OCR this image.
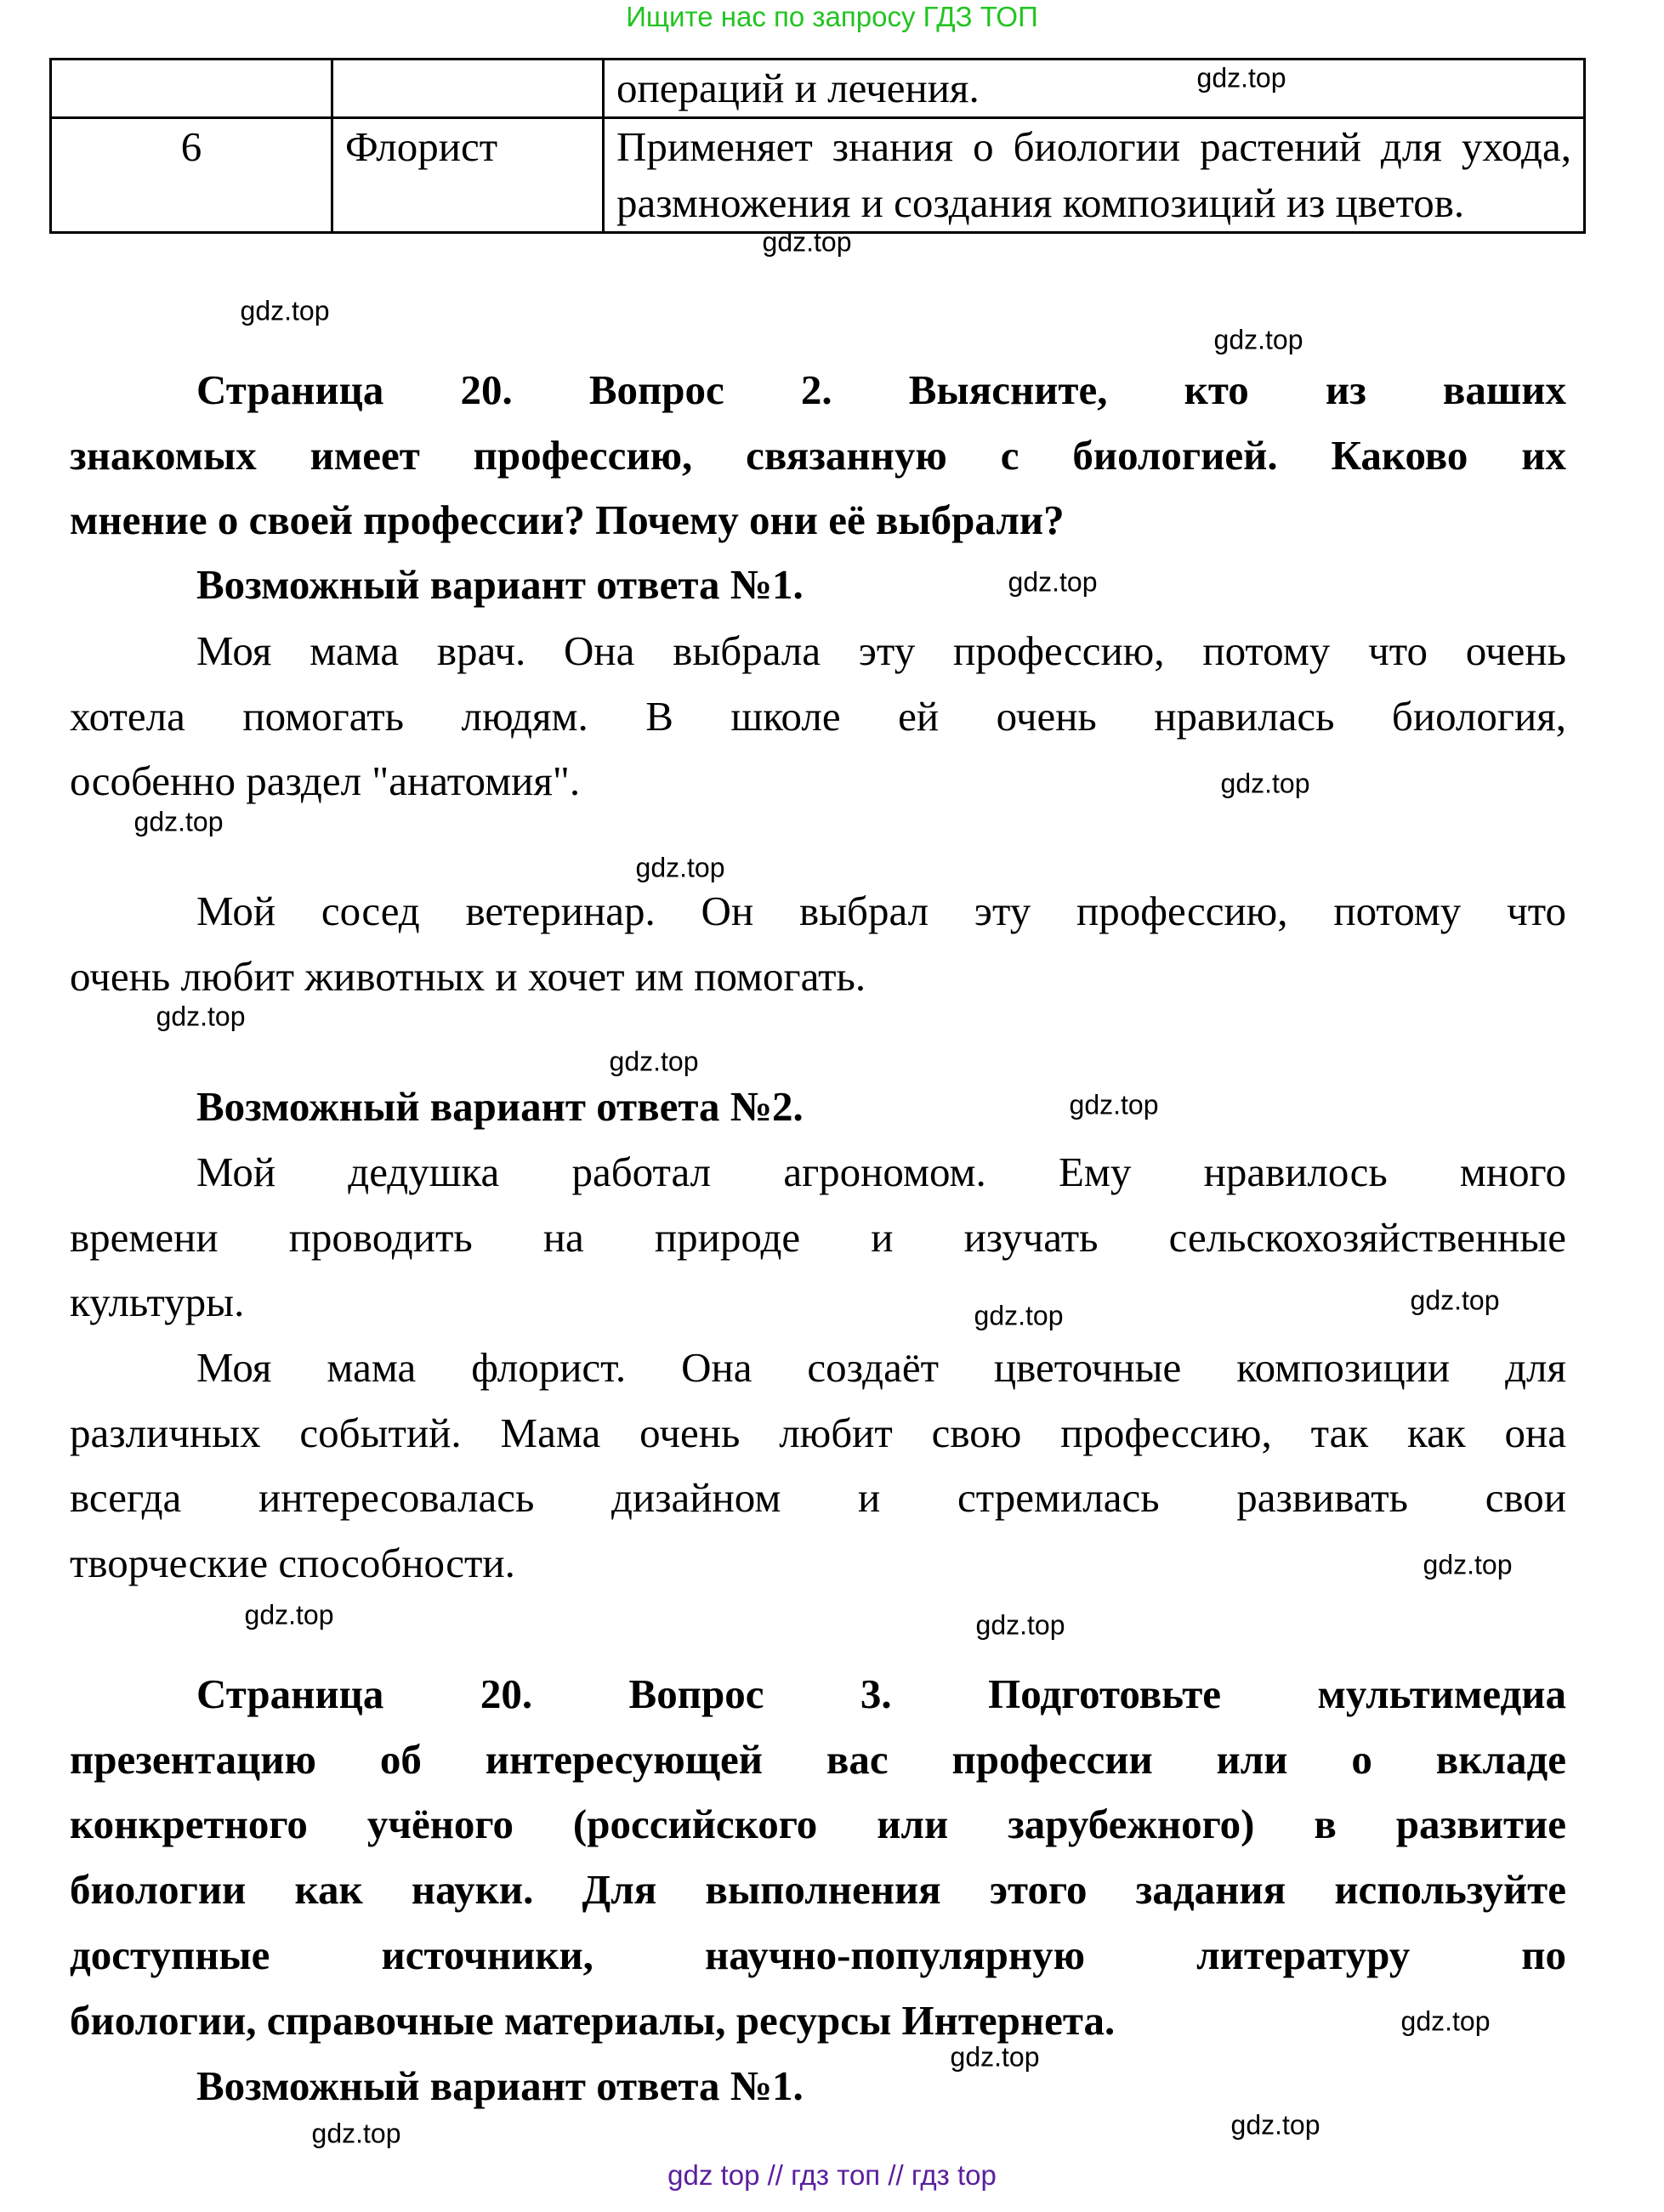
Ищите нас по запросу ГДЗ ТОП
		операций и лечения.
6	Флорист	Применяет знания о биологии растений для ухода,
размножения и создания композиций из цветов.
Страница 20. Вопрос 2. Выясните, кто из ваших
знакомых имеет профессию, связанную с биологией. Каково их
мнение о своей профессии? Почему они её выбрали?
Возможный вариант ответа №1.
Моя мама врач. Она выбрала эту профессию, потому что очень
хотела помогать людям. В школе ей очень нравилась биология,
особенно раздел "анатомия".
Мой сосед ветеринар. Он выбрал эту профессию, потому что
очень любит животных и хочет им помогать.
Возможный вариант ответа №2.
Мой дедушка работал агрономом. Ему нравилось много
времени проводить на природе и изучать сельскохозяйственные
культуры.
Моя мама флорист. Она создаёт цветочные композиции для
различных событий. Мама очень любит свою профессию, так как она
всегда интересовалась дизайном и стремилась развивать свои
творческие способности.
Страница 20. Вопрос 3. Подготовьте мультимедиа
презентацию об интересующей вас профессии или о вкладе
конкретного учёного (российского или зарубежного) в развитие
биологии как науки. Для выполнения этого задания используйте
доступные источники, научно-популярную литературу по
биологии, справочные материалы, ресурсы Интернета.
Возможный вариант ответа №1.
gdz.top
gdz.top
gdz.top
gdz.top
gdz.top
gdz.top
gdz.top
gdz.top
gdz.top
gdz.top
gdz.top
gdz.top
gdz.top
gdz.top
gdz.top
gdz.top
gdz.top
gdz.top
gdz.top
gdz.top
gdz top // гдз топ // гдз top
